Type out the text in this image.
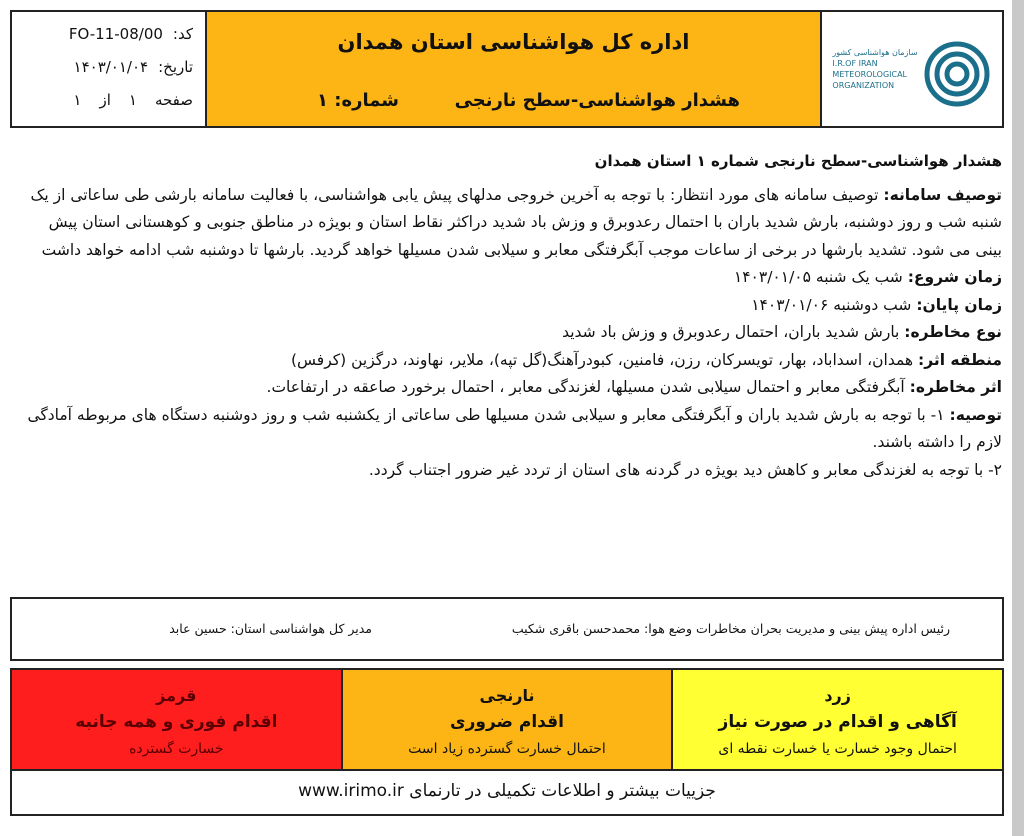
سازمان هواشناسی کشور
I.R.OF IRAN
METEOROLOGICAL
ORGANIZATION
اداره کل هواشناسی استان همدان
هشدار هواشناسی-سطح نارنجی
شماره: ۱
کد:
FO-11-08/00
تاریخ:
۱۴۰۳/۰۱/۰۴
صفحه
۱
از
۱
هشدار هواشناسی-سطح نارنجی شماره ۱ استان همدان

توصیف سامانه: توصیف سامانه های مورد انتظار: با توجه به آخرین خروجی مدلهای پیش یابی هواشناسی، با فعالیت سامانه بارشی طی ساعاتی از یک شنبه شب و روز دوشنبه، بارش شدید باران با احتمال رعدوبرق و وزش باد شدید دراکثر نقاط استان و بویژه در مناطق جنوبی و کوهستانی استان پیش بینی می شود. تشدید بارشها در برخی از ساعات موجب آبگرفتگی معابر و سیلابی شدن مسیلها خواهد گردید. بارشها تا دوشنبه شب ادامه خواهد داشت

زمان شروع: شب یک شنبه ۱۴۰۳/۰۱/۰۵

زمان پایان: شب دوشنبه ۱۴۰۳/۰۱/۰۶

نوع مخاطره: بارش شدید باران، احتمال رعدوبرق و وزش باد شدید

منطقه اثر: همدان، اسداباد، بهار، تویسرکان، رزن، فامنین، کبودرآهنگ(گل تپه)، ملایر، نهاوند، درگزین (کرفس)

اثر مخاطره: آبگرفتگی معابر و احتمال سیلابی شدن مسیلها، لغزندگی معابر ، احتمال برخورد صاعقه در ارتفاعات.

توصیه: ۱- با توجه به بارش شدید باران و آبگرفتگی معابر و سیلابی شدن مسیلها طی ساعاتی از یکشنبه شب و روز دوشنبه دستگاه های مربوطه آمادگی لازم را داشته باشند.

۲- با توجه به لغزندگی معابر و کاهش دید بویژه در گردنه های استان از تردد غیر ضرور اجتناب گردد.

رئیس اداره پیش بینی و مدیریت بحران مخاطرات وضع هوا: محمدحسن باقری شکیب
مدیر کل هواشناسی استان: حسین عابد
زرد
آگاهی و اقدام در صورت نیاز
احتمال وجود خسارت یا خسارت نقطه ای
نارنجی
اقدام ضروری
احتمال خسارت گسترده زیاد است
قرمز
اقدام فوری و همه جانبه
خسارت گسترده
جزییات بیشتر و اطلاعات تکمیلی در تارنمای www.irimo.ir
